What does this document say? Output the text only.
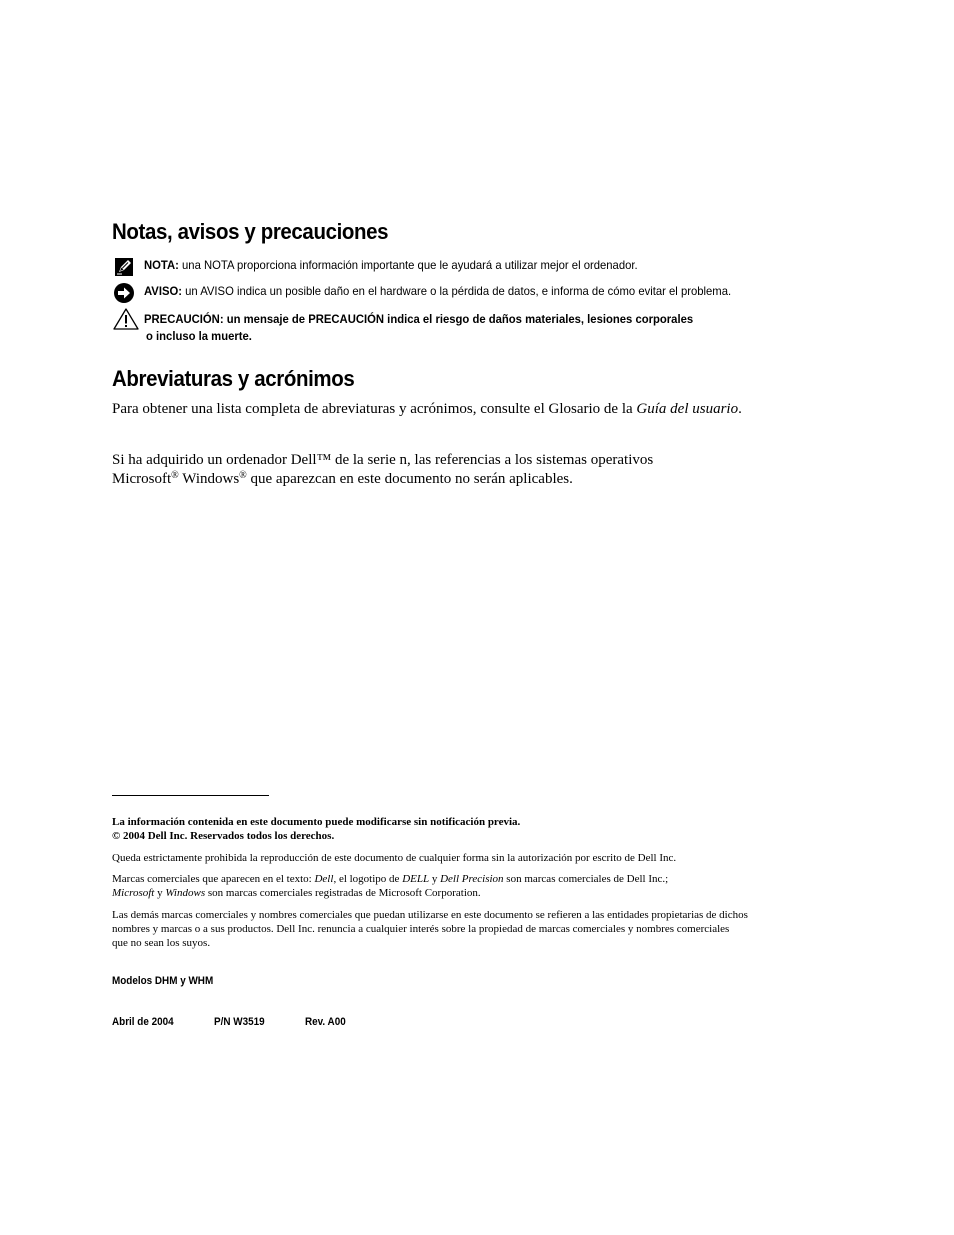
Notas, avisos y precauciones
NOTA: una NOTA proporciona información importante que le ayudará a utilizar mejor el ordenador.
AVISO: un AVISO indica un posible daño en el hardware o la pérdida de datos, e informa de cómo evitar el problema.
PRECAUCIÓN: un mensaje de PRECAUCIÓN indica el riesgo de daños materiales, lesiones corporales
o incluso la muerte.
Abreviaturas y acrónimos
Para obtener una lista completa de abreviaturas y acrónimos, consulte el Glosario de la Guía del usuario.
Si ha adquirido un ordenador Dell™ de la serie n, las referencias a los sistemas operativos
Microsoft® Windows® que aparezcan en este documento no serán aplicables.
La información contenida en este documento puede modificarse sin notificación previa.
© 2004 Dell Inc. Reservados todos los derechos.
Queda estrictamente prohibida la reproducción de este documento de cualquier forma sin la autorización por escrito de Dell Inc.
Marcas comerciales que aparecen en el texto: Dell, el logotipo de DELL y Dell Precision son marcas comerciales de Dell Inc.;
Microsoft y Windows son marcas comerciales registradas de Microsoft Corporation.
Las demás marcas comerciales y nombres comerciales que puedan utilizarse en este documento se refieren a las entidades propietarias de dichos
nombres y marcas o a sus productos. Dell Inc. renuncia a cualquier interés sobre la propiedad de marcas comerciales y nombres comerciales
que no sean los suyos.
Modelos DHM y WHM
Abril de 2004	P/N W3519	Rev. A00
